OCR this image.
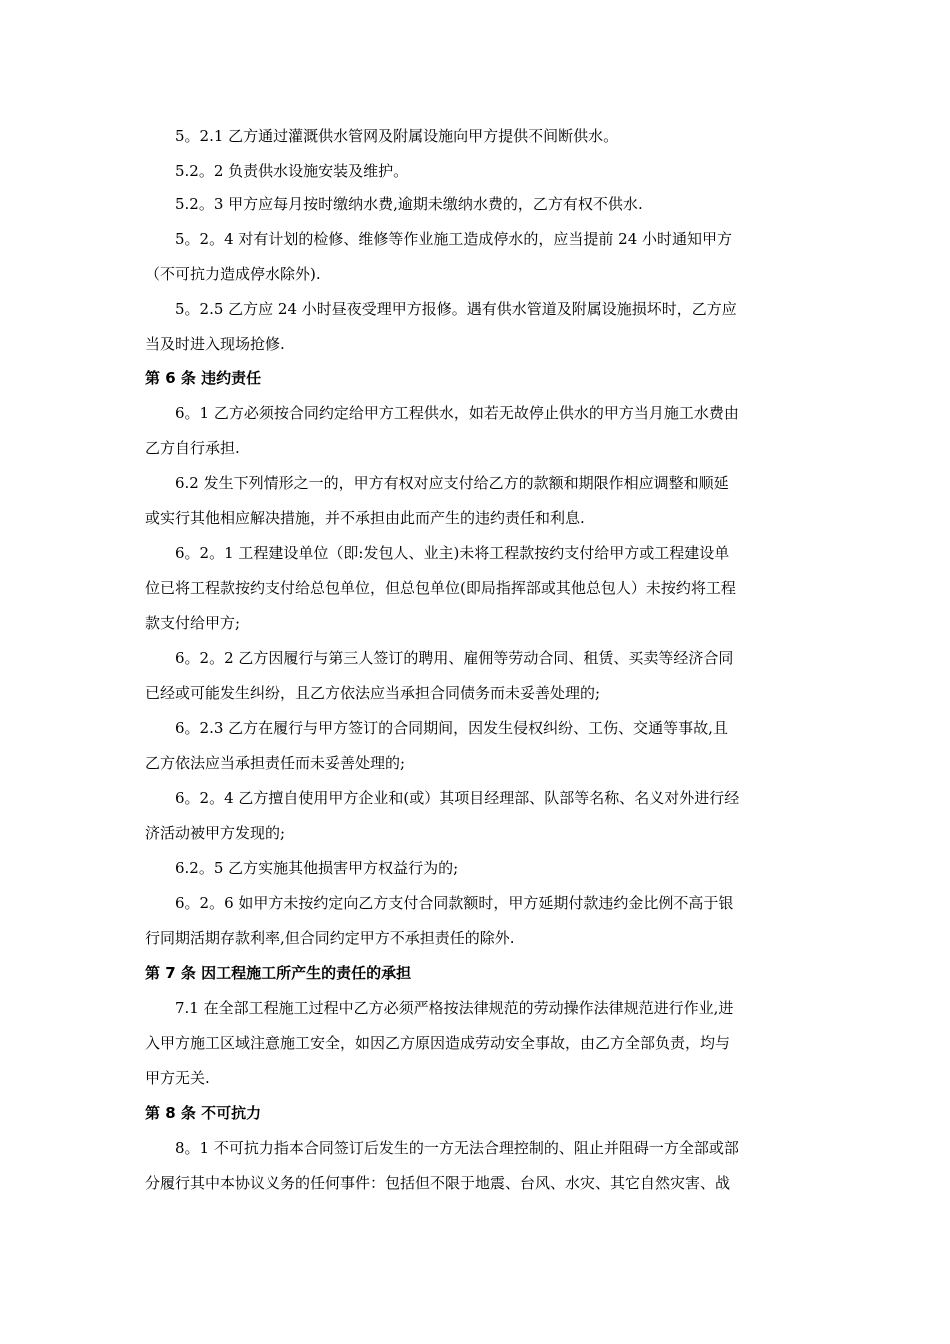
5。2.1 乙方通过灌溉供水管网及附属设施向甲方提供不间断供水。
5.2。2 负责供水设施安装及维护。
5.2。3 甲方应每月按时缴纳水费,逾期未缴纳水费的，乙方有权不供水.
5。2。4 对有计划的检修、维修等作业施工造成停水的，应当提前 24 小时通知甲方
（不可抗力造成停水除外).
5。2.5 乙方应 24 小时昼夜受理甲方报修。遇有供水管道及附属设施损坏时，乙方应
当及时进入现场抢修.
第 6 条 违约责任
6。1 乙方必须按合同约定给甲方工程供水，如若无故停止供水的甲方当月施工水费由
乙方自行承担.
6.2 发生下列情形之一的，甲方有权对应支付给乙方的款额和期限作相应调整和顺延
或实行其他相应解决措施，并不承担由此而产生的违约责任和利息.
6。2。1 工程建设单位（即:发包人、业主)未将工程款按约支付给甲方或工程建设单
位已将工程款按约支付给总包单位，但总包单位(即局指挥部或其他总包人）未按约将工程
款支付给甲方;
6。2。2 乙方因履行与第三人签订的聘用、雇佣等劳动合同、租赁、买卖等经济合同
已经或可能发生纠纷，且乙方依法应当承担合同债务而未妥善处理的;
6。2.3 乙方在履行与甲方签订的合同期间，因发生侵权纠纷、工伤、交通等事故,且
乙方依法应当承担责任而未妥善处理的;
6。2。4 乙方擅自使用甲方企业和(或）其项目经理部、队部等名称、名义对外进行经
济活动被甲方发现的;
6.2。5 乙方实施其他损害甲方权益行为的;
6。2。6 如甲方未按约定向乙方支付合同款额时，甲方延期付款违约金比例不高于银
行同期活期存款利率,但合同约定甲方不承担责任的除外.
第 7 条 因工程施工所产生的责任的承担
7.1 在全部工程施工过程中乙方必须严格按法律规范的劳动操作法律规范进行作业,进
入甲方施工区域注意施工安全，如因乙方原因造成劳动安全事故，由乙方全部负责，均与
甲方无关.
第 8 条 不可抗力
8。1 不可抗力指本合同签订后发生的一方无法合理控制的、阻止并阻碍一方全部或部
分履行其中本协议义务的任何事件：包括但不限于地震、台风、水灾、其它自然灾害、战
